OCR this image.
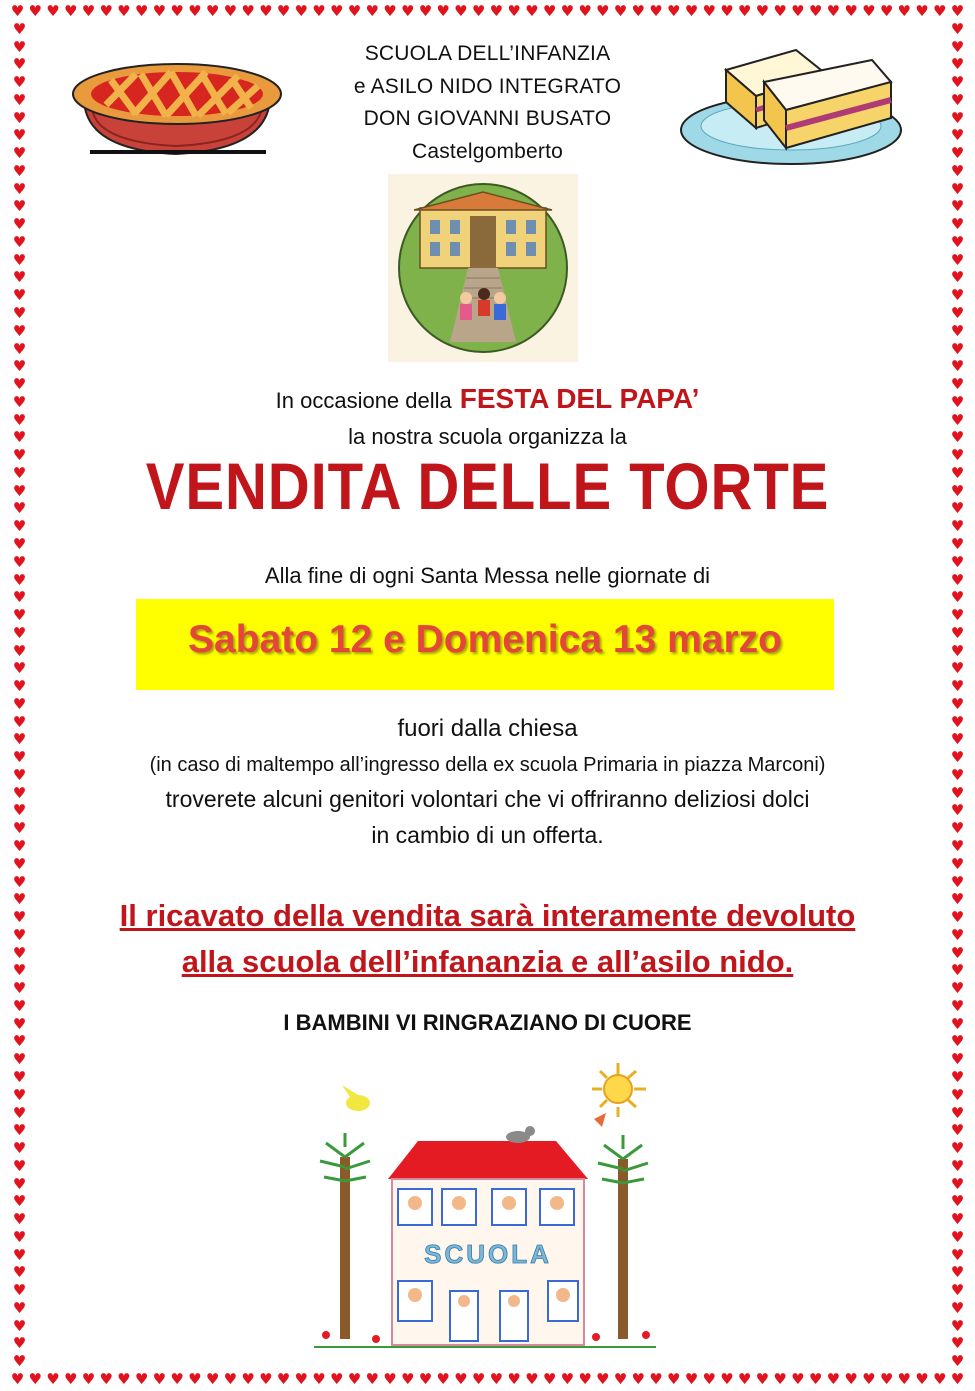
♥
♥
♥
♥
♥
♥
♥
♥
♥
♥
♥
♥
♥
♥
♥
♥
♥
♥
♥
♥
♥
♥
♥
♥
♥
♥
♥
♥
♥
♥
♥
♥
♥
♥
♥
♥
♥
♥
♥
♥
♥
♥
♥
♥
♥
♥
♥
♥
♥
♥
♥
♥
♥
♥
♥
♥
♥
♥
♥
♥
♥
♥
♥
♥
♥
♥
♥
♥
♥
♥
♥
♥
♥
♥
♥
♥
♥
♥
♥
♥
♥
♥
♥
♥
♥
♥
♥
♥
♥
♥
♥
♥
♥
♥
♥
♥
♥
♥
♥
♥
♥
♥
♥
♥
♥
♥
♥
♥
♥	♥
♥	♥
♥	♥
♥	♥
♥	♥
♥	♥
♥	♥
♥	♥
♥	♥
♥	♥
♥	♥
♥	♥
♥	♥
♥	♥
♥	♥
♥	♥
♥	♥
♥	♥
♥	♥
♥	♥
♥	♥
♥	♥
♥	♥
♥	♥
♥	♥
♥	♥
♥	♥
♥	♥
♥	♥
♥	♥
♥	♥
♥	♥
♥	♥
♥	♥
♥	♥
♥	♥
♥	♥
♥	♥
♥	♥
♥	♥
♥	♥
♥	♥
♥	♥
♥	♥
♥	♥
♥	♥
♥	♥
♥	♥
♥	♥
♥	♥
♥	♥
♥	♥
♥	♥
♥	♥
♥	♥
♥	♥
♥	♥
♥	♥
♥	♥
♥	♥
♥	♥
♥	♥
♥	♥
♥	♥
♥	♥
♥	♥
♥	♥
♥	♥
♥	♥
♥	♥
♥	♥
♥	♥
♥	♥
♥	♥
♥	♥
♥	♥
SCUOLA DELL’INFANZIA
e ASILO NIDO INTEGRATO
DON GIOVANNI BUSATO
Castelgomberto
In occasione della FESTA DEL PAPA’
la nostra scuola organizza la
VENDITA DELLE TORTE
Alla fine di ogni Santa Messa nelle giornate di
Sabato 12 e Domenica 13 marzo
fuori dalla chiesa
(in caso di maltempo all’ingresso della ex scuola Primaria in piazza Marconi)
troverete alcuni genitori volontari che vi offriranno deliziosi dolci
in cambio di un offerta.
Il ricavato della vendita sarà interamente devoluto
alla scuola dell’infananzia e all’asilo nido.
I BAMBINI VI RINGRAZIANO DI CUORE
SCUOLA
